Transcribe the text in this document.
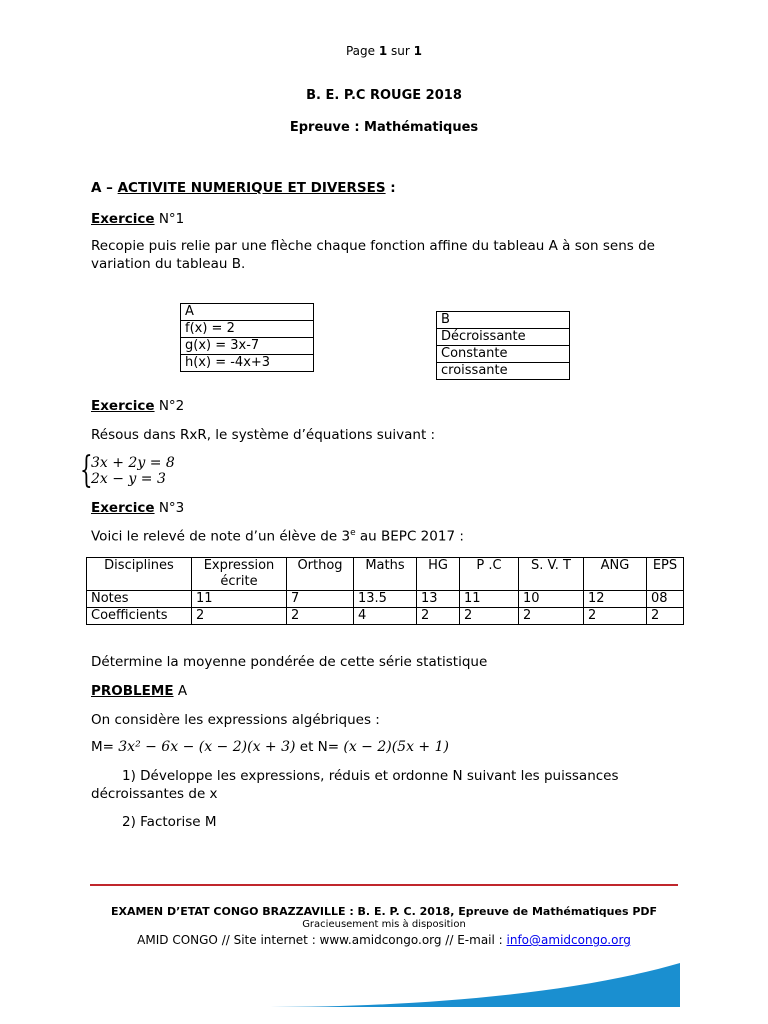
Page 1 sur 1
B. E. P.C ROUGE 2018
Epreuve : Mathématiques
A – ACTIVITE NUMERIQUE ET DIVERSES :
Exercice N°1
Recopie puis relie par une flèche chaque fonction affine du tableau A à son sens de
variation du tableau B.
A
f(x) = 2
g(x) = 3x-7
h(x) = -4x+3
B
Décroissante
Constante
croissante
Exercice N°2
Résous dans RxR, le système d’équations suivant :
{
3x + 2y = 8
2x − y = 3
Exercice N°3
Voici le relevé de note d’un élève de 3e au BEPC 2017 :
Disciplines	Expression écrite	Orthog	Maths	HG	P .C	S. V. T	ANG	EPS
Notes	11	7	13.5	13	11	10	12	08
Coefficients	2	2	4	2	2	2	2	2
Détermine la moyenne pondérée de cette série statistique
PROBLEME A
On considère les expressions algébriques :
M= 3x² − 6x − (x − 2)(x + 3) et N= (x − 2)(5x + 1)
1) Développe les expressions, réduis et ordonne N suivant les puissances
décroissantes de x
2) Factorise M
EXAMEN D’ETAT CONGO BRAZZAVILLE : B. E. P. C. 2018, Epreuve de Mathématiques PDF
Gracieusement mis à disposition
AMID CONGO // Site internet : www.amidcongo.org // E-mail : info@amidcongo.org
